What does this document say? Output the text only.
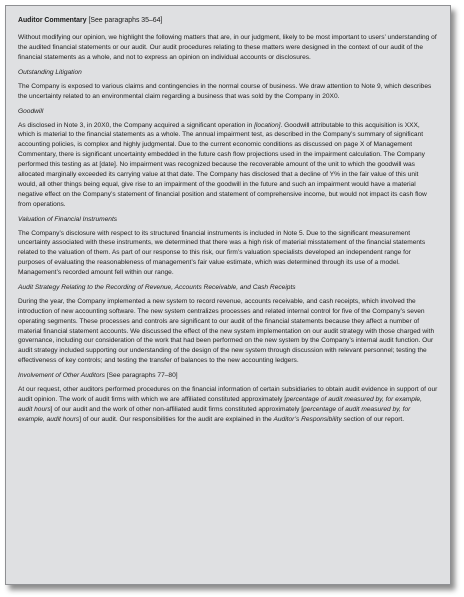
Auditor Commentary [See paragraphs 35–64]

Without modifying our opinion, we highlight the following matters that are, in our judgment, likely to be most important to users’ understanding of the audited financial statements or our audit. Our audit procedures relating to these matters were designed in the context of our audit of the financial statements as a whole, and not to express an opinion on individual accounts or disclosures.

Outstanding Litigation

The Company is exposed to various claims and contingencies in the normal course of business. We draw attention to Note 9, which describes the uncertainty related to an environmental claim regarding a business that was sold by the Company in 20X0.

Goodwill

As disclosed in Note 3, in 20X0, the Company acquired a significant operation in [location]. Goodwill attributable to this acquisition is XXX, which is material to the financial statements as a whole. The annual impairment test, as described in the Company’s summary of significant accounting policies, is complex and highly judgmental. Due to the current economic conditions as discussed on page X of Management Commentary, there is significant uncertainty embedded in the future cash flow projections used in the impairment calculation. The Company performed this testing as at [date]. No impairment was recognized because the recoverable amount of the unit to which the goodwill was allocated marginally exceeded its carrying value at that date. The Company has disclosed that a decline of Y% in the fair value of this unit would, all other things being equal, give rise to an impairment of the goodwill in the future and such an impairment would have a material negative effect on the Company’s statement of financial position and statement of comprehensive income, but would not impact its cash flow from operations.

Valuation of Financial Instruments

The Company’s disclosure with respect to its structured financial instruments is included in Note 5. Due to the significant measurement uncertainty associated with these instruments, we determined that there was a high risk of material misstatement of the financial statements related to the valuation of them. As part of our response to this risk, our firm’s valuation specialists developed an independent range for purposes of evaluating the reasonableness of management’s fair value estimate, which was determined through its use of a model. Management’s recorded amount fell within our range.

Audit Strategy Relating to the Recording of Revenue, Accounts Receivable, and Cash Receipts

During the year, the Company implemented a new system to record revenue, accounts receivable, and cash receipts, which involved the introduction of new accounting software. The new system centralizes processes and related internal control for five of the Company’s seven operating segments. These processes and controls are significant to our audit of the financial statements because they affect a number of material financial statement accounts. We discussed the effect of the new system implementation on our audit strategy with those charged with governance, including our consideration of the work that had been performed on the new system by the Company’s internal audit function. Our audit strategy included supporting our understanding of the design of the new system through discussion with relevant personnel; testing the effectiveness of key controls; and testing the transfer of balances to the new accounting ledgers.

Involvement of Other Auditors [See paragraphs 77–80]

At our request, other auditors performed procedures on the financial information of certain subsidiaries to obtain audit evidence in support of our audit opinion. The work of audit firms with which we are affiliated constituted approximately [percentage of audit measured by, for example, audit hours] of our audit and the work of other non-affiliated audit firms constituted approximately [percentage of audit measured by, for example, audit hours] of our audit. Our responsibilities for the audit are explained in the Auditor’s Responsibility section of our report.
